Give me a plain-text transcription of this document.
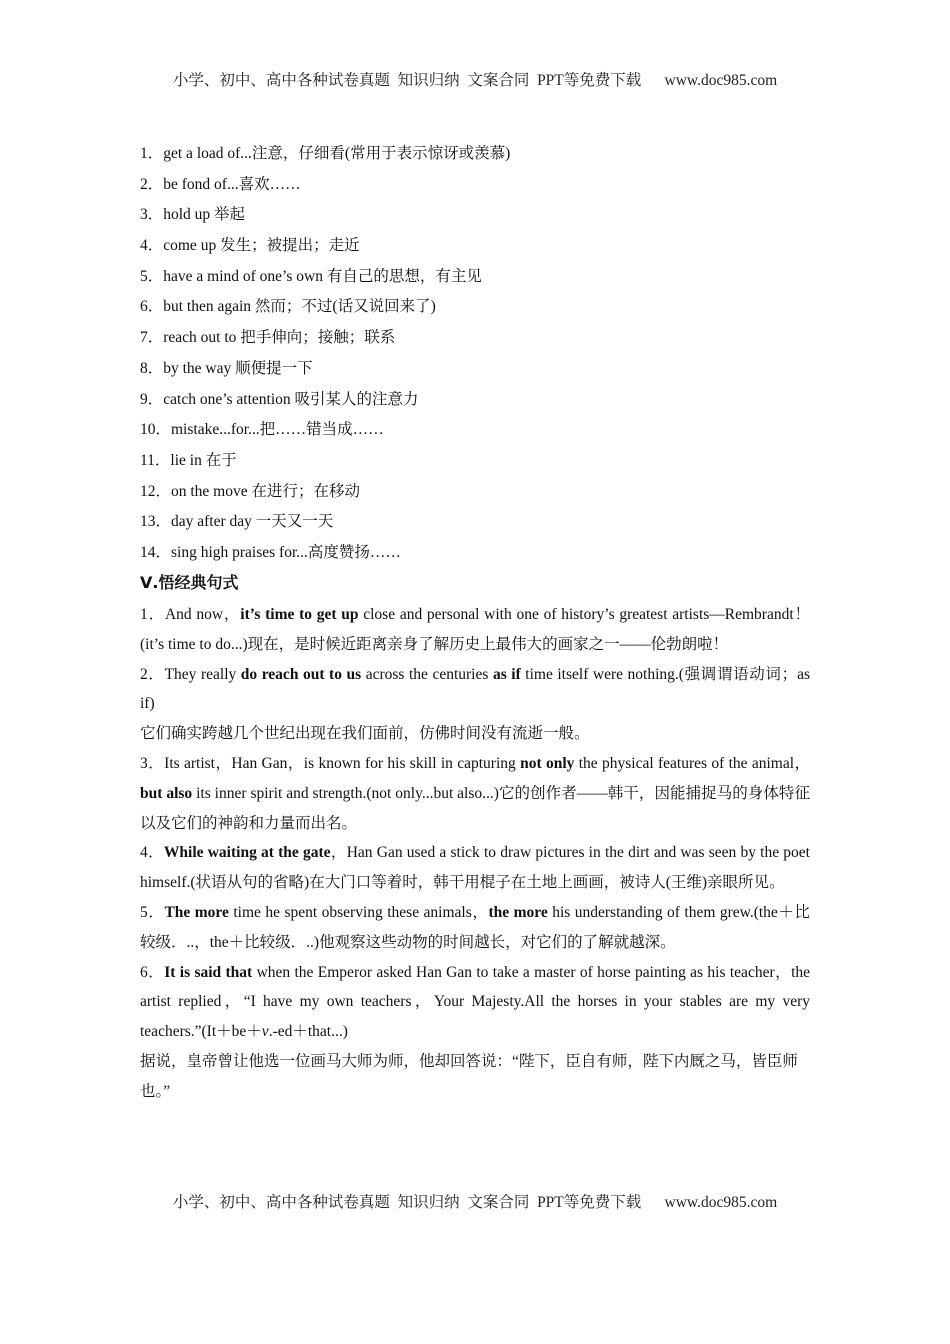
小学、初中、高中各种试卷真题  知识归纳  文案合同  PPT等免费下载      www.doc985.com
1．get a load of...注意，仔细看(常用于表示惊讶或羡慕)
2．be fond of...喜欢……
3．hold up 举起
4．come up 发生；被提出；走近
5．have a mind of one’s own 有自己的思想，有主见
6．but then again 然而；不过(话又说回来了)
7．reach out to 把手伸向；接触；联系
8．by the way 顺便提一下
9．catch one’s attention 吸引某人的注意力
10．mistake...for...把……错当成……
11．lie in 在于
12．on the move 在进行；在移动
13．day after day 一天又一天
14．sing high praises for...高度赞扬……
Ⅴ.悟经典句式

1．And now，it’s time to get up close and personal with one of history’s greatest artists—Rembrandt！(it’s time to do...)现在，是时候近距离亲身了解历史上最伟大的画家之一——伦勃朗啦！

2．They really do reach out to us across the centuries as if time itself were nothing.(强调谓语动词；as if)

它们确实跨越几个世纪出现在我们面前，仿佛时间没有流逝一般。

3．Its artist，Han Gan，is known for his skill in capturing not only the physical features of the animal，but also its inner spirit and strength.(not only...but also...)它的创作者——韩干，因能捕捉马的身体特征以及它们的神韵和力量而出名。

4．While waiting at the gate，Han Gan used a stick to draw pictures in the dirt and was seen by the poet himself.(状语从句的省略)在大门口等着时，韩干用棍子在土地上画画，被诗人(王维)亲眼所见。

5．The more time he spent observing these animals，the more his understanding of them grew.(the＋比较级．..，the＋比较级．..)他观察这些动物的时间越长，对它们的了解就越深。

6．It is said that when the Emperor asked Han Gan to take a master of horse painting as his teacher，the artist replied，“I have my own teachers，Your Majesty.All the horses in your stables are my very teachers.”(It＋be＋v.-ed＋that...)

据说，皇帝曾让他选一位画马大师为师，他却回答说：“陛下，臣自有师，陛下内厩之马，皆臣师也。”

小学、初中、高中各种试卷真题  知识归纳  文案合同  PPT等免费下载      www.doc985.com
